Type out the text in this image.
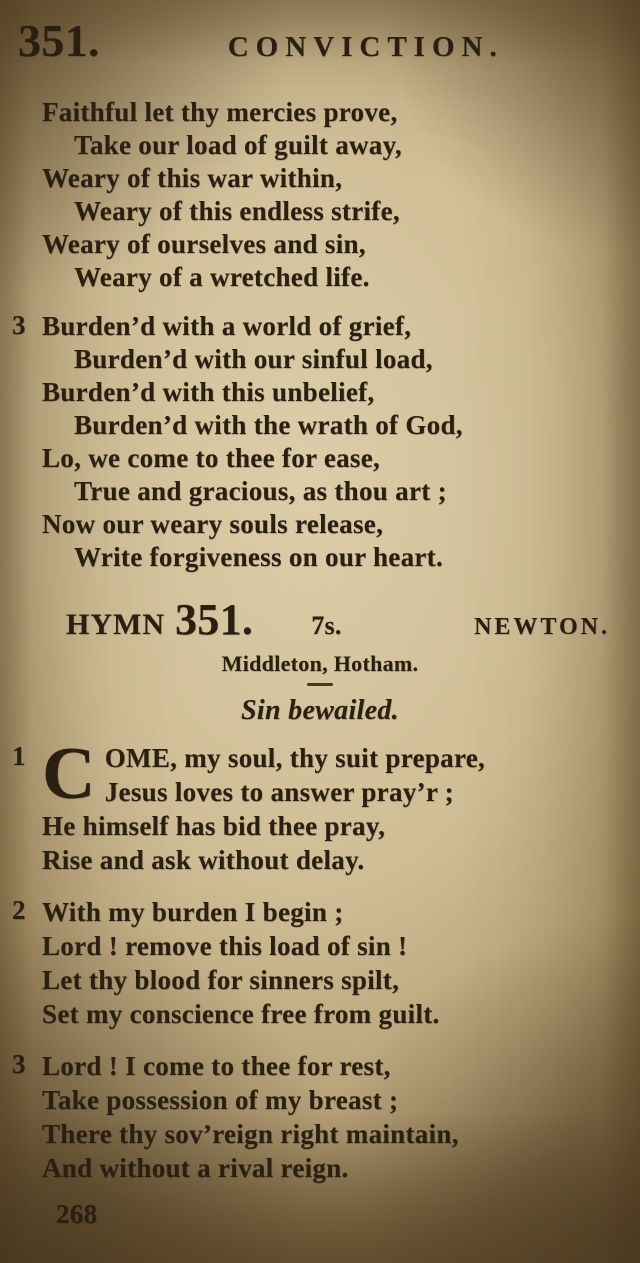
351.	CONVICTION.
Faithful let thy mercies prove,
Take our load of guilt away,
Weary of this war within,
Weary of this endless strife,
Weary of ourselves and sin,
Weary of a wretched life.
3 Burden’d with a world of grief,
Burden’d with our sinful load,
Burden’d with this unbelief,
Burden’d with the wrath of God,
Lo, we come to thee for ease,
True and gracious, as thou art ;
Now our weary souls release,
Write forgiveness on our heart.
HYMN 351. 7s.	NEWTON.
Middleton, Hotham.
Sin bewailed.
1 C OME, my soul, thy suit prepare,
Jesus loves to answer pray’r ;
He himself has bid thee pray,
Rise and ask without delay.
2 With my burden I begin ;
Lord ! remove this load of sin !
Let thy blood for sinners spilt,
Set my conscience free from guilt.
3 Lord ! I come to thee for rest,
Take possession of my breast ;
There thy sov’reign right maintain,
And without a rival reign.
268
